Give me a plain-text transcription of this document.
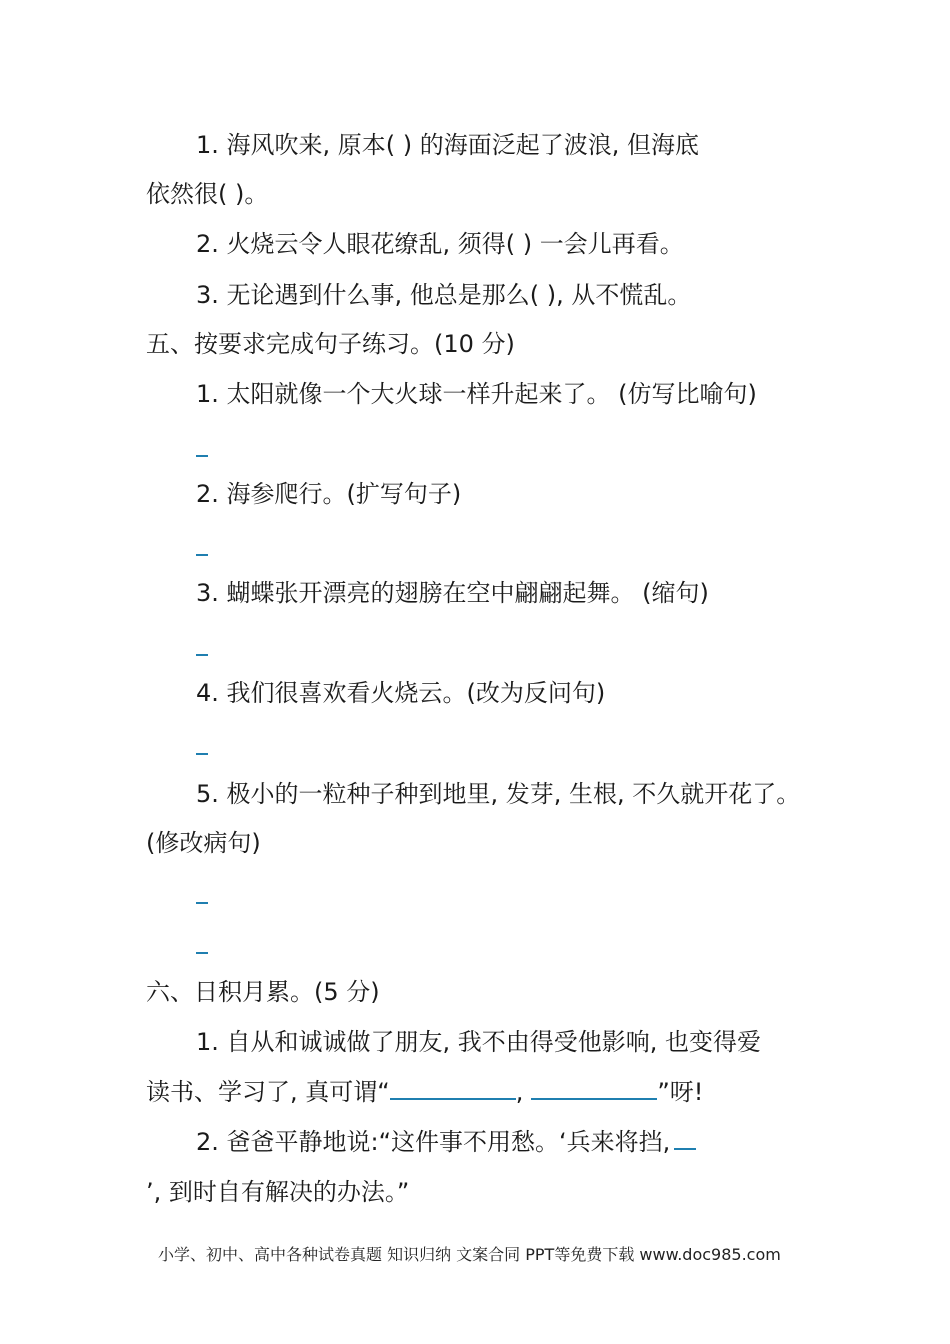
1. 海风吹来, 原本( ) 的海面泛起了波浪, 但海底
依然很( )。
2. 火烧云令人眼花缭乱, 须得( ) 一会儿再看。
3. 无论遇到什么事, 他总是那么( ), 从不慌乱。
五、按要求完成句子练习。(10 分)
1. 太阳就像一个大火球一样升起来了。 (仿写比喻句)
2. 海参爬行。(扩写句子)
3. 蝴蝶张开漂亮的翅膀在空中翩翩起舞。 (缩句)
4. 我们很喜欢看火烧云。(改为反问句)
5. 极小的一粒种子种到地里, 发芽, 生根, 不久就开花了。
(修改病句)
六、日积月累。(5 分)
1. 自从和诚诚做了朋友, 我不由得受他影响, 也变得爱
读书、学习了, 真可谓“	,	”呀!
2. 爸爸平静地说:“这件事不用愁。‘兵来将挡,
’, 到时自有解决的办法。”
小学、初中、高中各种试卷真题 知识归纳 文案合同 PPT等免费下载 www.doc985.com
